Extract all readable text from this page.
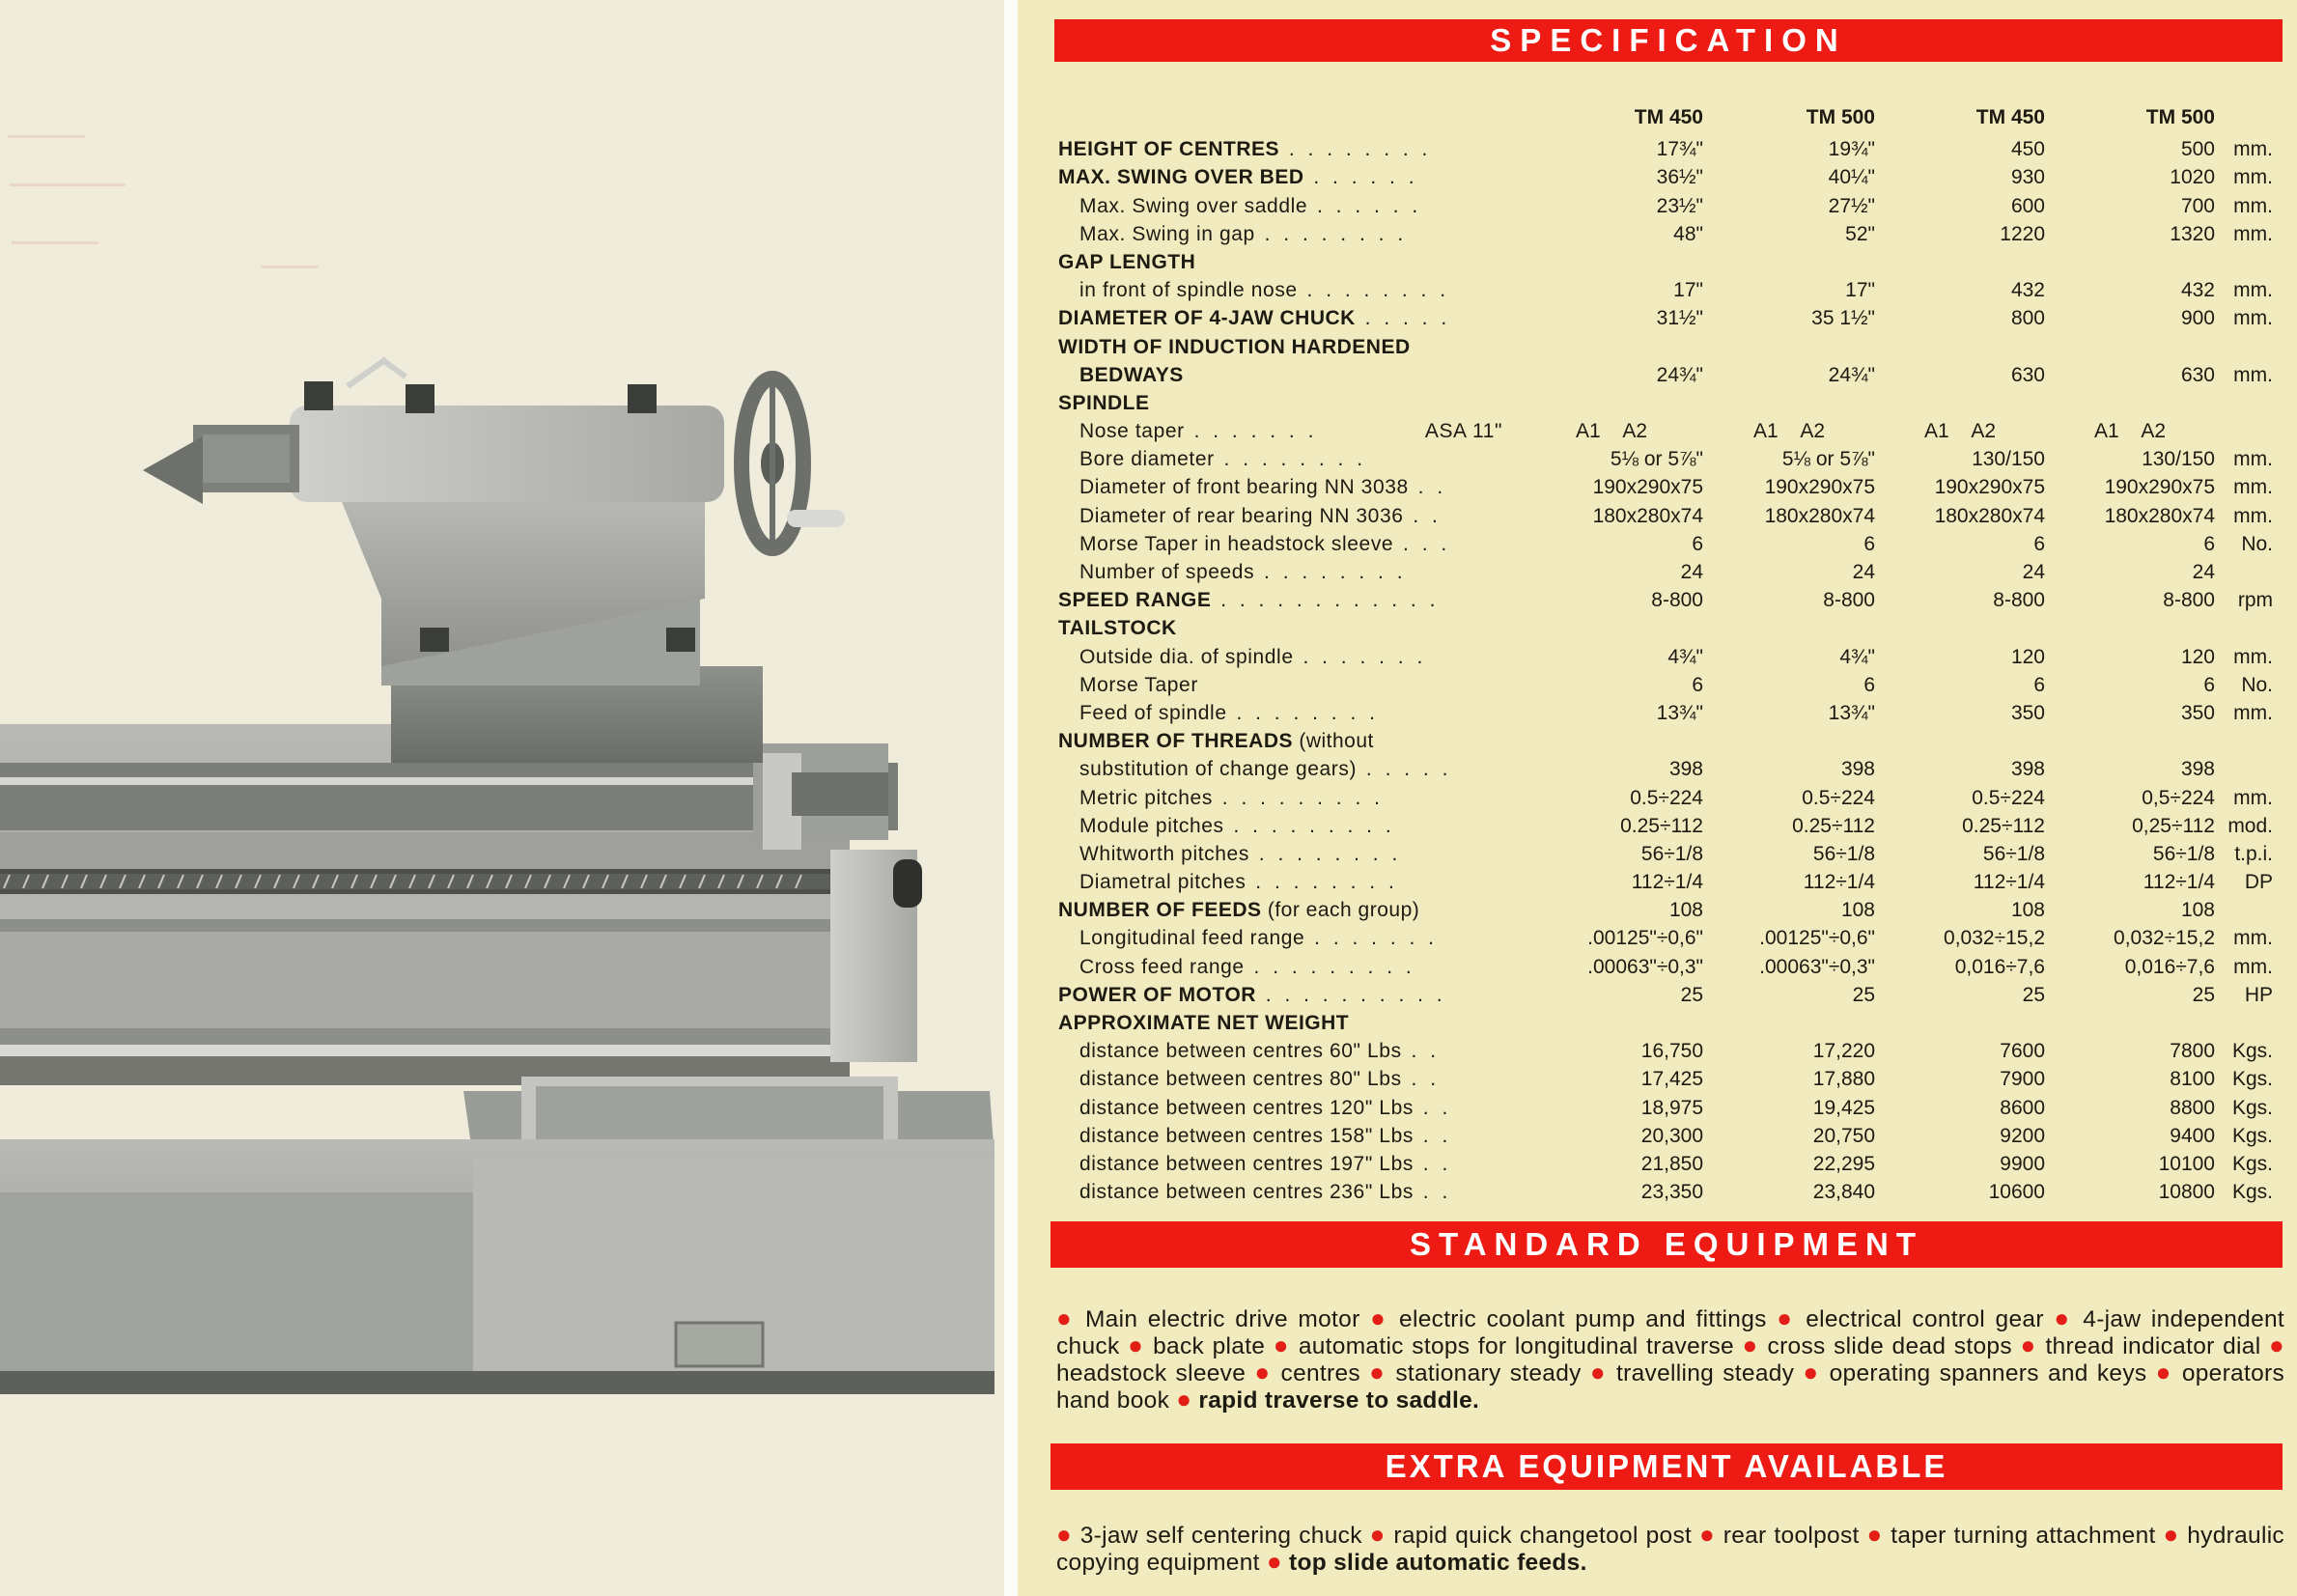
SPECIFICATION
	TM 450	TM 500	TM 450	TM 500	
HEIGHT OF CENTRES . . . . . . . .	17¾"	19¾"	450	500	mm.
MAX. SWING OVER BED . . . . . .	36½"	40¼"	930	1020	mm.
Max. Swing over saddle . . . . . .	23½"	27½"	600	700	mm.
Max. Swing in gap . . . . . . . .	48"	52"	1220	1320	mm.
GAP LENGTH					
in front of spindle nose . . . . . . . .	17"	17"	432	432	mm.
DIAMETER OF 4-JAW CHUCK . . . . .	31½"	35 1½"	800	900	mm.
WIDTH OF INDUCTION HARDENED					
BEDWAYS	24¾"	24¾"	630	630	mm.
SPINDLE					
Nose taper . . . . . . . ASA 11"	A1 A2	A1 A2	A1 A2	A1 A2	
Bore diameter . . . . . . . .	5⅛ or 5⅞"	5⅛ or 5⅞"	130/150	130/150	mm.
Diameter of front bearing NN 3038 . .	190x290x75	190x290x75	190x290x75	190x290x75	mm.
Diameter of rear bearing NN 3036 . .	180x280x74	180x280x74	180x280x74	180x280x74	mm.
Morse Taper in headstock sleeve . . .	6	6	6	6	No.
Number of speeds . . . . . . . .	24	24	24	24	
SPEED RANGE . . . . . . . . . . . .	8-800	8-800	8-800	8-800	rpm
TAILSTOCK					
Outside dia. of spindle . . . . . . .	4¾"	4¾"	120	120	mm.
Morse Taper	6	6	6	6	No.
Feed of spindle . . . . . . . .	13¾"	13¾"	350	350	mm.
NUMBER OF THREADS (without					
substitution of change gears) . . . . .	398	398	398	398	
Metric pitches . . . . . . . . .	0.5÷224	0.5÷224	0.5÷224	0,5÷224	mm.
Module pitches . . . . . . . . .	0.25÷112	0.25÷112	0.25÷112	0,25÷112	mod.
Whitworth pitches . . . . . . . .	56÷1/8	56÷1/8	56÷1/8	56÷1/8	t.p.i.
Diametral pitches . . . . . . . .	112÷1/4	112÷1/4	112÷1/4	112÷1/4	DP
NUMBER OF FEEDS (for each group)	108	108	108	108	
Longitudinal feed range . . . . . . .	.00125"÷0,6"	.00125"÷0,6"	0,032÷15,2	0,032÷15,2	mm.
Cross feed range . . . . . . . . .	.00063"÷0,3"	.00063"÷0,3"	0,016÷7,6	0,016÷7,6	mm.
POWER OF MOTOR . . . . . . . . . .	25	25	25	25	HP
APPROXIMATE NET WEIGHT					
distance between centres 60" Lbs . .	16,750	17,220	7600	7800	Kgs.
distance between centres 80" Lbs . .	17,425	17,880	7900	8100	Kgs.
distance between centres 120" Lbs . .	18,975	19,425	8600	8800	Kgs.
distance between centres 158" Lbs . .	20,300	20,750	9200	9400	Kgs.
distance between centres 197" Lbs . .	21,850	22,295	9900	10100	Kgs.
distance between centres 236" Lbs . .	23,350	23,840	10600	10800	Kgs.
STANDARD EQUIPMENT
● Main electric drive motor ● electric coolant pump and fittings ● electrical control gear ● 4-jaw independent chuck ● back plate ● automatic stops for longitudinal traverse ● cross slide dead stops ● thread indicator dial ● headstock sleeve ● centres ● stationary steady ● travelling steady ● operating spanners and keys ● operators hand book ● rapid traverse to saddle.
EXTRA EQUIPMENT AVAILABLE
● 3-jaw self centering chuck ● rapid quick changetool post ● rear toolpost ● taper turning attachment ● hydraulic copying equipment ● top slide automatic feeds.
